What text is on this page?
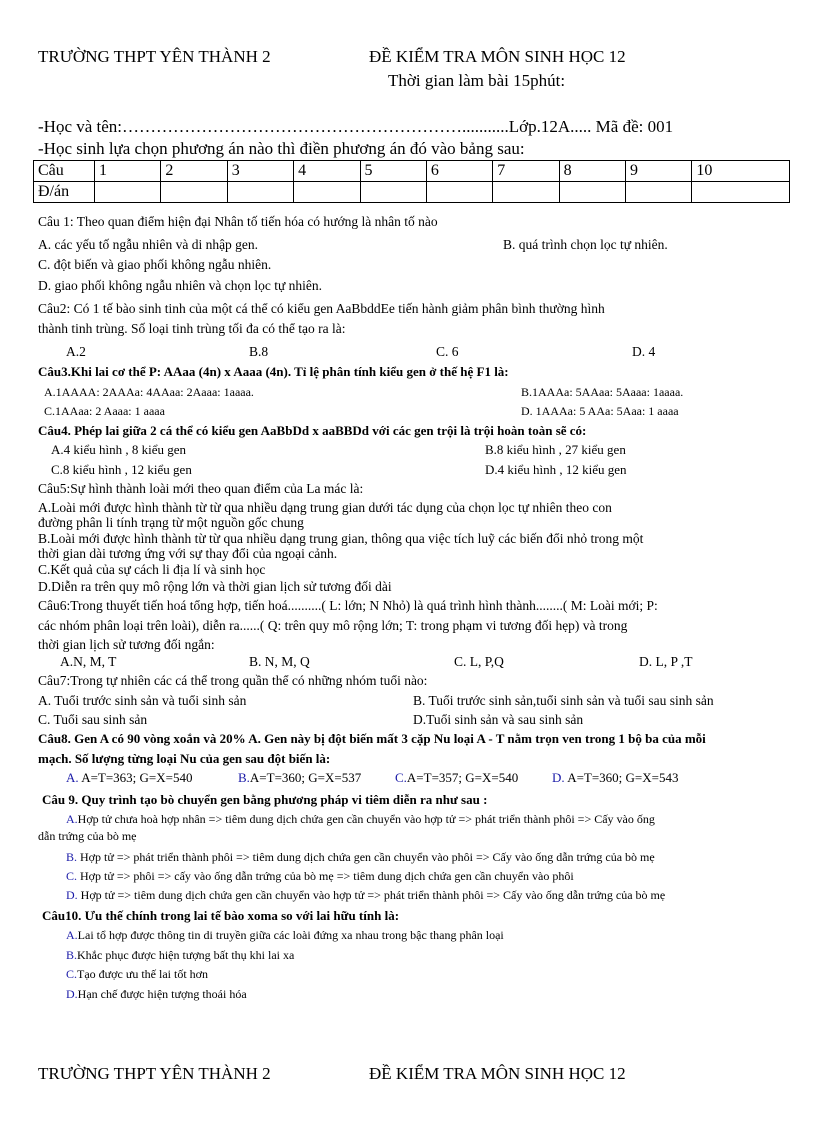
TRƯỜNG THPT YÊN THÀNH 2	ĐỀ KIỂM TRA MÔN SINH HỌC 12
Thời gian làm bài 15phút:
-Học và tên:……………………………………………………...........Lớp.12A..... Mã đề: 001
-Học sinh lựa chọn phương án nào thì điền phương án đó vào bảng sau:
Câu	1	2	3	4	5	6	7	8	9	10
Đ/án										
Câu 1: Theo quan điểm hiện đại Nhân tố tiến hóa có hướng là nhân tố nào
A. các yếu tố ngẫu nhiên và di nhập gen.	B. quá trình chọn lọc tự nhiên.
C. đột biến và giao phối không ngẫu nhiên.
D. giao phối không ngẫu nhiên và chọn lọc tự nhiên.
Câu2: Có 1 tế bào sinh tinh của một cá thể có kiểu gen AaBbddEe tiến hành giảm phân bình thường hình
thành tinh trùng. Số loại tinh trùng tối đa có thể tạo ra là:
A.2	B.8	C. 6	D. 4
Câu3.Khi lai cơ thể P: AAaa (4n) x Aaaa (4n). Tỉ lệ phân tính kiểu gen ở thế hệ F1 là:
A.1AAAA: 2AAAa: 4AAaa: 2Aaaa: 1aaaa.	B.1AAAa: 5AAaa: 5Aaaa: 1aaaa.
C.1AAaa: 2 Aaaa: 1 aaaa	D. 1AAAa: 5 AAa: 5Aaa: 1 aaaa
Câu4. Phép lai giữa 2 cá thể có kiểu gen AaBbDd x aaBBDd với các gen trội là trội hoàn toàn sẽ có:
A.4 kiểu hình , 8 kiểu gen	B.8 kiểu hình , 27 kiểu gen
C.8 kiểu hình , 12 kiểu gen	D.4 kiểu hình , 12 kiểu gen
Câu5:Sự hình thành loài mới theo quan điểm của La mác là:
A.Loài mới được hình thành từ từ qua nhiều dạng trung gian dưới tác dụng của chọn lọc tự nhiên theo con
đường phân li tính trạng từ một nguồn gốc chung
B.Loài mới được hình thành từ từ qua nhiều dạng trung gian, thông qua việc tích luỹ các biến đổi nhỏ trong một
thời gian dài tương ứng với sự thay đổi của ngoại cảnh.
C.Kết quả của sự cách li địa lí và sinh học
D.Diễn ra trên quy mô rộng lớn và thời gian lịch sử tương đối dài
Câu6:Trong thuyết tiến hoá tổng hợp, tiến hoá..........( L: lớn; N Nhỏ) là quá trình hình thành........( M: Loài mới; P:
các nhóm phân loại trên loài), diễn ra......( Q: trên quy mô rộng lớn; T: trong phạm vi tương đối hẹp) và trong
thời gian lịch sử tương đối ngắn:
A.N, M, T	B. N, M, Q	C. L, P,Q	D. L, P ,T
Câu7:Trong tự nhiên các cá thể trong quần thể có những nhóm tuổi nào:
A. Tuổi trước sinh sản và tuổi sinh sản	B. Tuổi trước sinh sản,tuổi sinh sản và tuổi sau sinh sản
C. Tuổi sau sinh sản	D.Tuổi sinh sản và sau sinh sản
Câu8. Gen A có 90 vòng xoắn và 20% A. Gen này bị đột biến mất 3 cặp Nu loại A - T nằm trọn ven trong 1 bộ ba của mỗi
mạch. Số lượng từng loại Nu của gen sau đột biến là:
A. A=T=363; G=X=540	B.A=T=360; G=X=537	C.A=T=357; G=X=540	D. A=T=360; G=X=543
Câu 9. Quy trình tạo bò chuyển gen bằng phương pháp vi tiêm diễn ra như sau :
A.Hợp tử chưa hoà hợp nhân => tiêm dung dịch chứa gen cần chuyển vào hợp tử => phát triển thành phôi => Cấy vào ống
dẫn trứng của bò mẹ
B. Hợp tử => phát triển thành phôi => tiêm dung dịch chứa gen cần chuyển vào phôi => Cấy vào ống dẫn trứng của bò mẹ
C. Hợp tử => phôi => cấy vào ống dẫn trứng của bò mẹ => tiêm dung dịch chứa gen cần chuyển vào phôi
D. Hợp tử => tiêm dung dịch chứa gen cần chuyển vào hợp tử => phát triển thành phôi => Cấy vào ống dẫn trứng của bò mẹ
Câu10. Ưu thế chính trong lai tế bào xoma so với lai hữu tính là:
A.Lai tổ hợp được thông tin di truyền giữa các loài đứng xa nhau trong bậc thang phân loại
B.Khắc phục được hiện tượng bất thụ khi lai xa
C.Tạo được ưu thế lai tốt hơn
D.Hạn chế được hiện tượng thoái hóa
TRƯỜNG THPT YÊN THÀNH 2	ĐỀ KIỂM TRA MÔN SINH HỌC 12
